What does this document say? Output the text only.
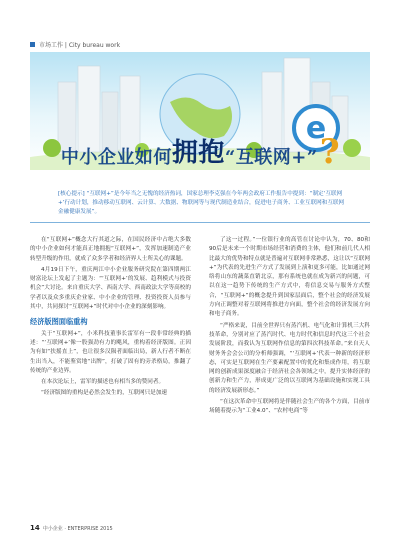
市场工作 | City bureau work
e
中小企业如何 拥抱 “互联网+” ?
[核心提示] “互联网+”是今年当之无愧的经济热词，国家总理李克强在今年两会政府工作报告中提到：“制定‘互联网+’行动计划，推动移动互联网、云计算、大数据、物联网等与现代制造业结合，促进电子商务、工业互联网和互联网金融健康发展”。

在“互联网+”概念大行其道之际，在国民经济中占绝大多数的中小企业如何才能真正地拥抱“互联网+”，发挥加速制造产业转型升级的作用，就成了众多学者和经济界人士所关心的课题。

4月19日下午，重庆两江中小企业服务研究院在第四期两江财富论坛上发起了主题为：“‘互联网+’的发展、趋利模式与投资机会”大讨论。来自重庆大学、西南大学、西南政法大学等高校的学者以及众多重庆企业家、中小企业的管理、投资投资人员参与其中，共同探讨“互联网+”时代对中小企业的深刻影响。

经济版图面临重构

关于“互联网+”，小米科技董事长雷军有一段非常经典的描述：“‘互联网+’像一股强劲有力的飓风，重构着经济版图。正因为有如“扶摇直上”，也让很多汉陨者面临出局，新人行者不断在生出当入，不能鉴赏地“出牌”，打破了固有的旁杀格局，推翻了传统的产业边界。

在本次论坛上，雷军的描述也有相当多的赞同者。

“经济版图的重构是必然会发生的，互联网只是加速

了这一过程。”一位银行业的高管在讨论中认为，70、80和90后是未来一个时期市场经营和消费的主体，他们和前几代人相比最大的优势和特点就是普遍对互联网非常熟悉，这让以“互联网+”为代表的先进生产方式了发展到上演和更多可能，比如通过网络将山东的蔬菜直销北京，那有系统也就在成为新兴的问题，可以在这一趋势下传统的生产方式中，将信息交易与服务方式整合，“互联网+”的概念提升到国家层面后，整个社会的经济发展方向正调整对着互联网将推进方向面，整个社会的经济发展方向和电子商务。

“严格来说，目前全世界只有蒸汽机、电气化和计算机三大科技革命，分别对应了蒸汽时代、电力时代和信息时代这三个社会发展阶段，而我认为互联网作信息的第四次科技革命。”来自天人财务务会会公司的分析师强调，“‘互联网+’代表一种新的经济形态，可实是互联网在生产要素配置中的优化和集成作用，将互联网的创新成果深度融合于经济社会各领域之中，提升实体经济的创新力和生产力，形成更广泛的以互联网为基础设施和实现工具的经济发展新形态。”

“在这次革命中互联网将是伴随社会生产的各个方面，目前市场随着提示为“工业4.0”、“农村电商”等

14 中小企业 · ENTERPRISE 2015
